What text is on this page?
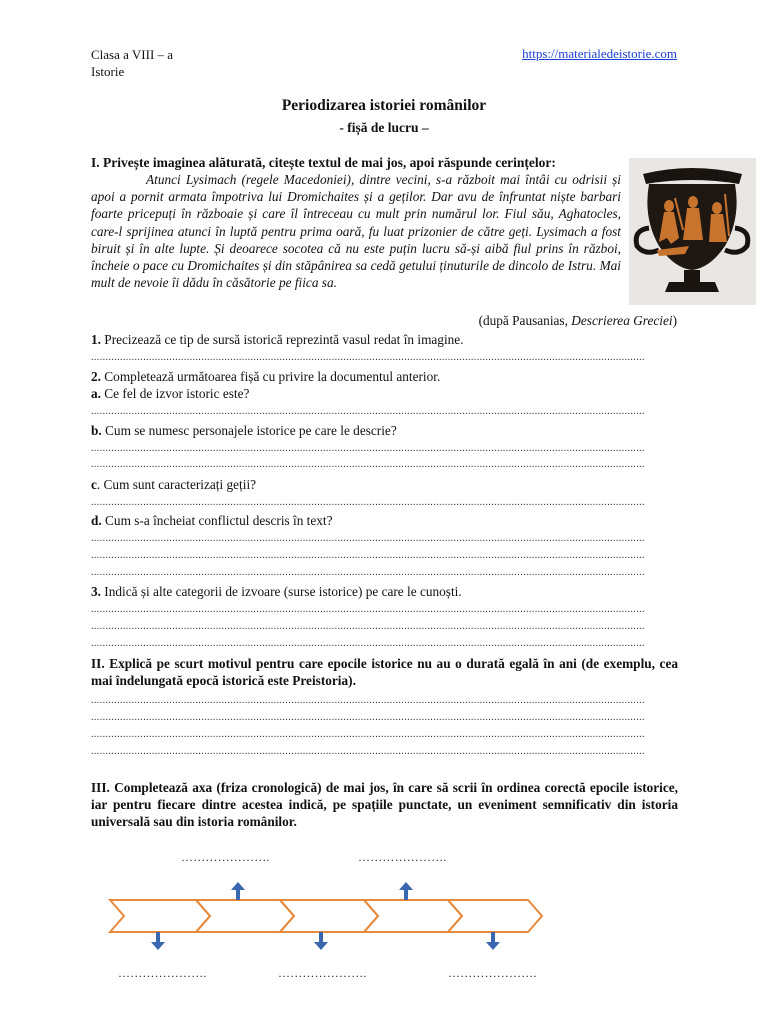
Clasa a VIII – a
Istorie
https://materialedeistorie.com
Periodizarea istoriei românilor
- fișă de lucru –
I. Privește imaginea alăturată, citește textul de mai jos, apoi răspunde cerințelor:
Atunci Lysimach (regele Macedoniei), dintre vecini, s-a războit mai întâi cu odrisii și apoi a pornit armata împotriva lui Dromichaites și a geților. Dar avu de înfruntat niște barbari foarte pricepuți în războaie și care îl întreceau cu mult prin numărul lor. Fiul său, Aghatocles, care-l sprijinea atunci în luptă pentru prima oară, fu luat prizonier de către geți. Lysimach a fost biruit și în alte lupte. Și deoarece socotea că nu este puțin lucru să-și aibă fiul prins în război, încheie o pace cu Dromichaites și din stăpânirea sa cedă getului ținuturile de dincolo de Istru. Mai mult de nevoie îi dădu în căsătorie pe fiica sa.
(după Pausanias, Descrierea Greciei)
1. Precizează ce tip de sursă istorică reprezintă vasul redat în imagine.
...............................................................................................................................................................................................
2. Completează următoarea fișă cu privire la documentul anterior.
a. Ce fel de izvor istoric este?
...............................................................................................................................................................................................
b. Cum se numesc personajele istorice pe care le descrie?
...............................................................................................................................................................................................
...............................................................................................................................................................................................
c. Cum sunt caracterizați geții?
...............................................................................................................................................................................................
d. Cum s-a încheiat conflictul descris în text?
...............................................................................................................................................................................................
...............................................................................................................................................................................................
...............................................................................................................................................................................................
3. Indică și alte categorii de izvoare (surse istorice) pe care le cunoști.
...............................................................................................................................................................................................
...............................................................................................................................................................................................
...............................................................................................................................................................................................
II. Explică pe scurt motivul pentru care epocile istorice nu au o durată egală în ani (de exemplu, cea mai îndelungată epocă istorică este Preistoria).
...............................................................................................................................................................................................
...............................................................................................................................................................................................
...............................................................................................................................................................................................
...............................................................................................................................................................................................
III. Completează axa (friza cronologică) de mai jos, în care să scrii în ordinea corectă epocile istorice, iar pentru fiecare dintre acestea indică, pe spațiile punctate, un eveniment semnificativ din istoria universală sau din istoria românilor.
………………….	………………….
………………….	………………….	………………….
